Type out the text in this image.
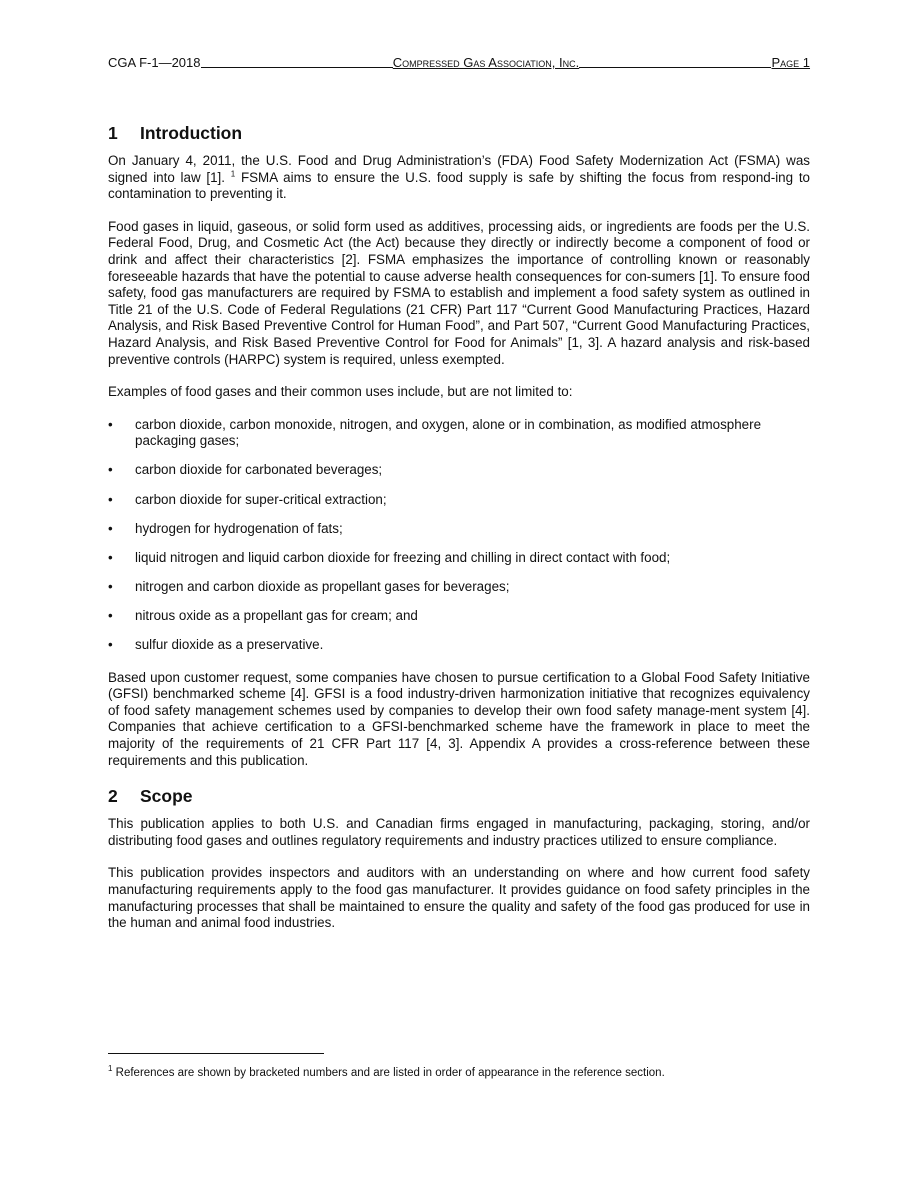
CGA F-1—2018	Compressed Gas Association, Inc.	Page 1
1	Introduction

On January 4, 2011, the U.S. Food and Drug Administration’s (FDA) Food Safety Modernization Act (FSMA) was signed into law [1]. $^1$ FSMA aims to ensure the U.S. food supply is safe by shifting the focus from respond-ing to contamination to preventing it.

Food gases in liquid, gaseous, or solid form used as additives, processing aids, or ingredients are foods per the U.S. Federal Food, Drug, and Cosmetic Act (the Act) because they directly or indirectly become a component of food or drink and affect their characteristics [2]. FSMA emphasizes the importance of controlling known or reasonably foreseeable hazards that have the potential to cause adverse health consequences for con-sumers [1]. To ensure food safety, food gas manufacturers are required by FSMA to establish and implement a food safety system as outlined in Title 21 of the U.S. Code of Federal Regulations (21 CFR) Part 117 “Current Good Manufacturing Practices, Hazard Analysis, and Risk Based Preventive Control for Human Food”, and Part 507, “Current Good Manufacturing Practices, Hazard Analysis, and Risk Based Preventive Control for Food for Animals” [1, 3]. A hazard analysis and risk-based preventive controls (HARPC) system is required, unless exempted.

Examples of food gases and their common uses include, but are not limited to:

• carbon dioxide, carbon monoxide, nitrogen, and oxygen, alone or in combination, as modified atmosphere packaging gases;
• carbon dioxide for carbonated beverages;
• carbon dioxide for super-critical extraction;
• hydrogen for hydrogenation of fats;
• liquid nitrogen and liquid carbon dioxide for freezing and chilling in direct contact with food;
• nitrogen and carbon dioxide as propellant gases for beverages;
• nitrous oxide as a propellant gas for cream; and
• sulfur dioxide as a preservative.

Based upon customer request, some companies have chosen to pursue certification to a Global Food Safety Initiative (GFSI) benchmarked scheme [4]. GFSI is a food industry-driven harmonization initiative that recognizes equivalency of food safety management schemes used by companies to develop their own food safety manage-ment system [4]. Companies that achieve certification to a GFSI-benchmarked scheme have the framework in place to meet the majority of the requirements of 21 CFR Part 117 [4, 3]. Appendix A provides a cross-reference between these requirements and this publication.

2	Scope

This publication applies to both U.S. and Canadian firms engaged in manufacturing, packaging, storing, and/or distributing food gases and outlines regulatory requirements and industry practices utilized to ensure compliance.

This publication provides inspectors and auditors with an understanding on where and how current food safety manufacturing requirements apply to the food gas manufacturer. It provides guidance on food safety principles in the manufacturing processes that shall be maintained to ensure the quality and safety of the food gas produced for use in the human and animal food industries.

$^1$ References are shown by bracketed numbers and are listed in order of appearance in the reference section.
